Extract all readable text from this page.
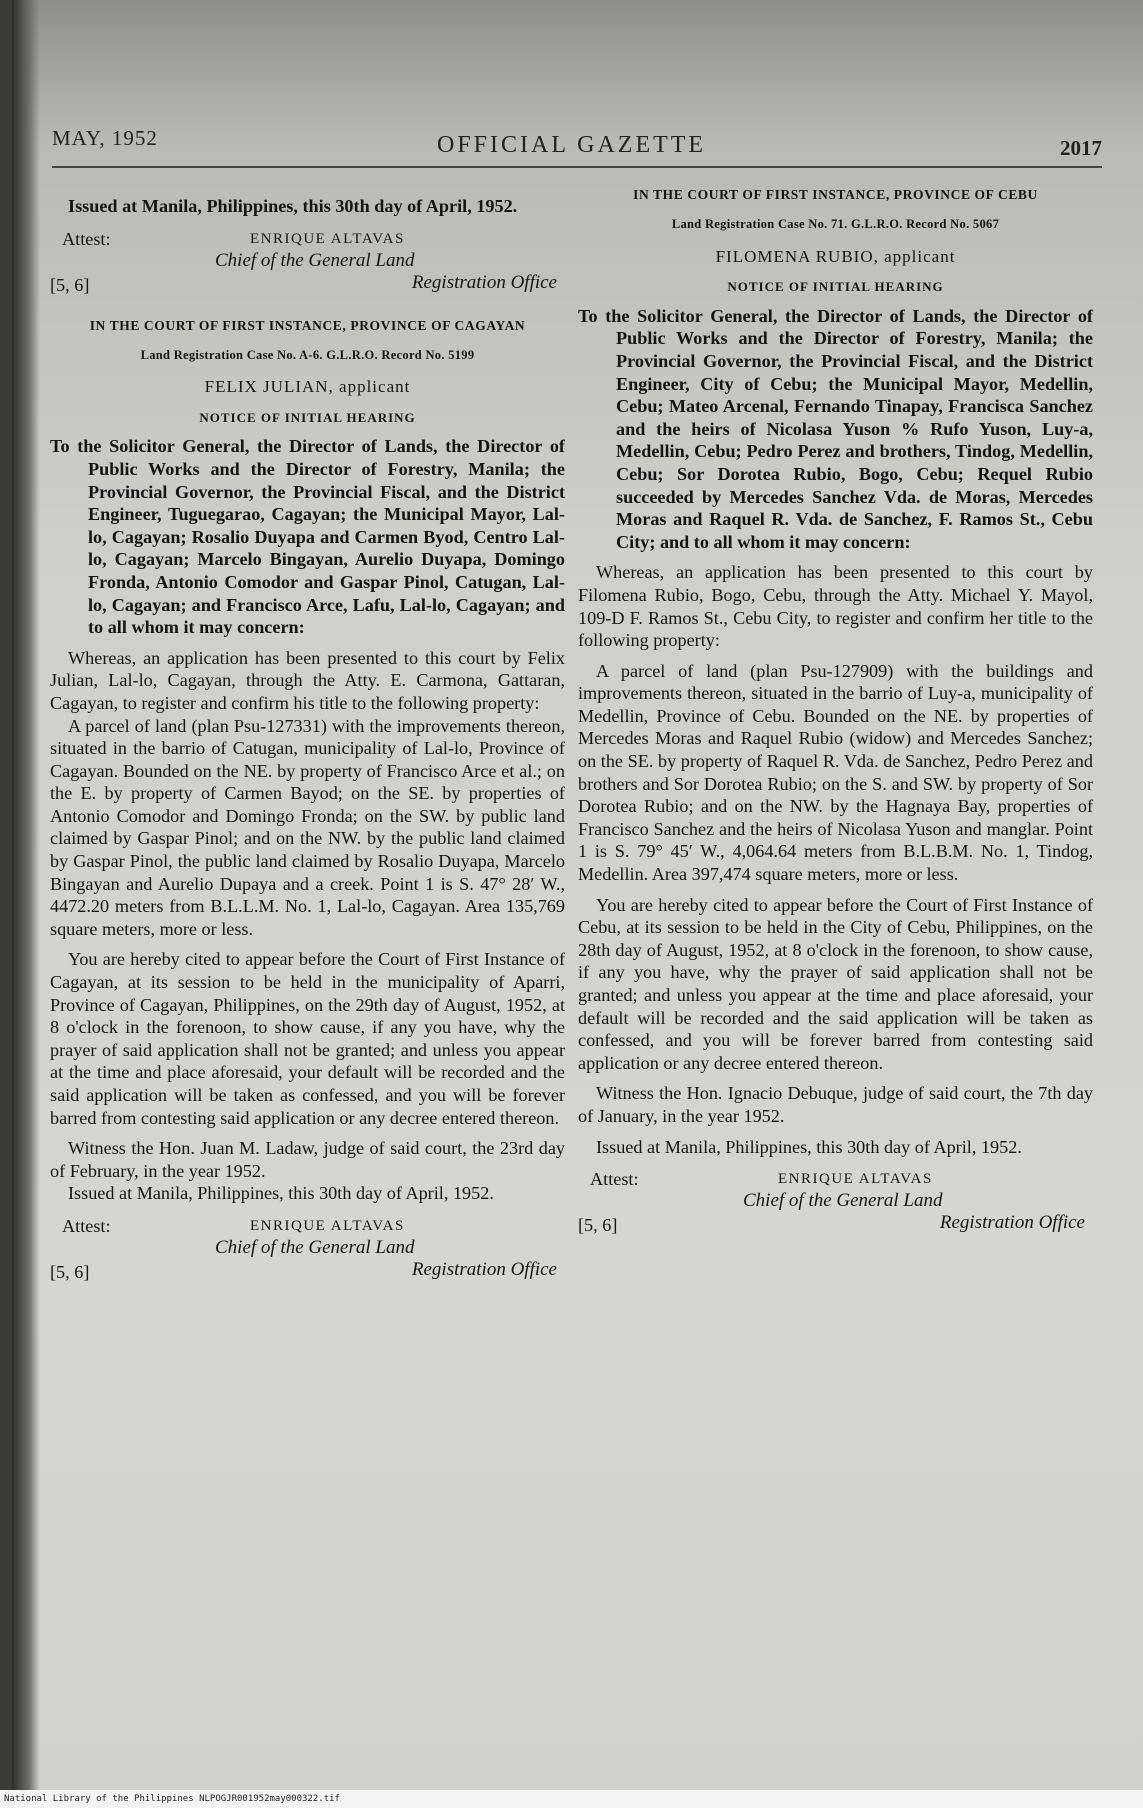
MAY, 1952	OFFICIAL GAZETTE	2017

Issued at Manila, Philippines, this 30th day of April, 1952.

Attest:	ENRIQUE ALTAVAS
Chief of the General Land
Registration Office
[5, 6]
IN THE COURT OF FIRST INSTANCE, PROVINCE OF CAGAYAN
Land Registration Case No. A-6. G.L.R.O. Record No. 5199
FELIX JULIAN, applicant
NOTICE OF INITIAL HEARING

To the Solicitor General, the Director of Lands, the Director of Public Works and the Director of Forestry, Manila; the Provincial Governor, the Provincial Fiscal, and the District Engineer, Tuguegarao, Cagayan; the Municipal Mayor, Lal-lo, Cagayan; Rosalio Duyapa and Carmen Byod, Centro Lal-lo, Cagayan; Marcelo Bingayan, Aurelio Duyapa, Domingo Fronda, Antonio Comodor and Gaspar Pinol, Catugan, Lal-lo, Cagayan; and Francisco Arce, Lafu, Lal-lo, Cagayan; and to all whom it may concern:

Whereas, an application has been presented to this court by Felix Julian, Lal-lo, Cagayan, through the Atty. E. Carmona, Gattaran, Cagayan, to register and confirm his title to the following property:

A parcel of land (plan Psu-127331) with the improvements thereon, situated in the barrio of Catugan, municipality of Lal-lo, Province of Cagayan. Bounded on the NE. by property of Francisco Arce et al.; on the E. by property of Carmen Bayod; on the SE. by properties of Antonio Comodor and Domingo Fronda; on the SW. by public land claimed by Gaspar Pinol; and on the NW. by the public land claimed by Gaspar Pinol, the public land claimed by Rosalio Duyapa, Marcelo Bingayan and Aurelio Dupaya and a creek. Point 1 is S. 47° 28′ W., 4472.20 meters from B.L.L.M. No. 1, Lal-lo, Cagayan. Area 135,769 square meters, more or less.

You are hereby cited to appear before the Court of First Instance of Cagayan, at its session to be held in the municipality of Aparri, Province of Cagayan, Philippines, on the 29th day of August, 1952, at 8 o'clock in the forenoon, to show cause, if any you have, why the prayer of said application shall not be granted; and unless you appear at the time and place aforesaid, your default will be recorded and the said application will be taken as confessed, and you will be forever barred from contesting said application or any decree entered thereon.

Witness the Hon. Juan M. Ladaw, judge of said court, the 23rd day of February, in the year 1952.

Issued at Manila, Philippines, this 30th day of April, 1952.

Attest:	ENRIQUE ALTAVAS
Chief of the General Land
Registration Office
[5, 6]
IN THE COURT OF FIRST INSTANCE, PROVINCE OF CEBU
Land Registration Case No. 71. G.L.R.O. Record No. 5067
FILOMENA RUBIO, applicant
NOTICE OF INITIAL HEARING

To the Solicitor General, the Director of Lands, the Director of Public Works and the Director of Forestry, Manila; the Provincial Governor, the Provincial Fiscal, and the District Engineer, City of Cebu; the Municipal Mayor, Medellin, Cebu; Mateo Arcenal, Fernando Tinapay, Francisca Sanchez and the heirs of Nicolasa Yuson % Rufo Yuson, Luy-a, Medellin, Cebu; Pedro Perez and brothers, Tindog, Medellin, Cebu; Sor Dorotea Rubio, Bogo, Cebu; Requel Rubio succeeded by Mercedes Sanchez Vda. de Moras, Mercedes Moras and Raquel R. Vda. de Sanchez, F. Ramos St., Cebu City; and to all whom it may concern:

Whereas, an application has been presented to this court by Filomena Rubio, Bogo, Cebu, through the Atty. Michael Y. Mayol, 109-D F. Ramos St., Cebu City, to register and confirm her title to the following property:

A parcel of land (plan Psu-127909) with the buildings and improvements thereon, situated in the barrio of Luy-a, municipality of Medellin, Province of Cebu. Bounded on the NE. by properties of Mercedes Moras and Raquel Rubio (widow) and Mercedes Sanchez; on the SE. by property of Raquel R. Vda. de Sanchez, Pedro Perez and brothers and Sor Dorotea Rubio; on the S. and SW. by property of Sor Dorotea Rubio; and on the NW. by the Hagnaya Bay, properties of Francisco Sanchez and the heirs of Nicolasa Yuson and manglar. Point 1 is S. 79° 45′ W., 4,064.64 meters from B.L.B.M. No. 1, Tindog, Medellin. Area 397,474 square meters, more or less.

You are hereby cited to appear before the Court of First Instance of Cebu, at its session to be held in the City of Cebu, Philippines, on the 28th day of August, 1952, at 8 o'clock in the forenoon, to show cause, if any you have, why the prayer of said application shall not be granted; and unless you appear at the time and place aforesaid, your default will be recorded and the said application will be taken as confessed, and you will be forever barred from contesting said application or any decree entered thereon.

Witness the Hon. Ignacio Debuque, judge of said court, the 7th day of January, in the year 1952.

Issued at Manila, Philippines, this 30th day of April, 1952.

Attest:	ENRIQUE ALTAVAS
Chief of the General Land
Registration Office
[5, 6]
National Library of the Philippines NLPOGJR001952may000322.tif
